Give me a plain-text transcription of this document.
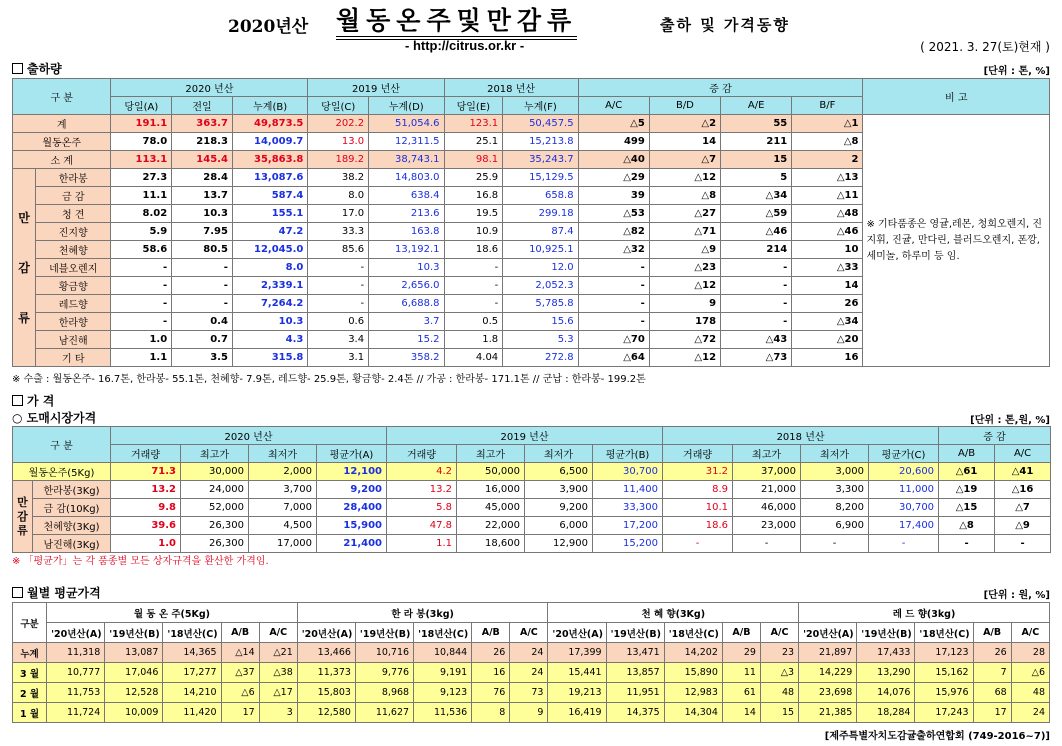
2020년산 월동온주및만감류	출하 및 가격동향
- http://citrus.or.kr -	( 2021. 3. 27(토)현재 )
출하량	[단위 : 톤, %]
구 분		2020 년산			2019 년산		2018 년산		증 감				비 고
		당일(A)	전일	누계(B)	당일(C)	누계(D)	당일(E)	누계(F)	A/C	B/D	A/E	B/F	
계		191.1	363.7	49,873.5	202.2	51,054.6	123.1	50,457.5	△5	△2	55	△1	※ 기타품종은 영귤,레몬, 청희오렌지, 진지휘, 진귤, 만다린, 블러드오렌지, 폰깡,세미놀, 하루미 등 임.
월동온주		78.0	218.3	14,009.7	13.0	12,311.5	25.1	15,213.8	499	14	211	△8	
소 계		113.1	145.4	35,863.8	189.2	38,743.1	98.1	35,243.7	△40	△7	15	2	

만
감
류	한라봉	27.3	28.4	13,087.6	38.2	14,803.0	25.9	15,129.5	△29	△12	5	△13	
	금 감	11.1	13.7	587.4	8.0	638.4	16.8	658.8	39	△8	△34	△11	
	청 견	8.02	10.3	155.1	17.0	213.6	19.5	299.18	△53	△27	△59	△48	
	진지향	5.9	7.95	47.2	33.3	163.8	10.9	87.4	△82	△71	△46	△46	
	천혜향	58.6	80.5	12,045.0	85.6	13,192.1	18.6	10,925.1	△32	△9	214	10	
	네블오렌지	-	-	8.0	-	10.3	-	12.0	-	△23	-	△33	
	황금향	-	-	2,339.1	-	2,656.0	-	2,052.3	-	△12	-	14	
	레드향	-	-	7,264.2	-	6,688.8	-	5,785.8	-	9	-	26	
	한라향	-	0.4	10.3	0.6	3.7	0.5	15.6	-	178	-	△34	
	남진해	1.0	0.7	4.3	3.4	15.2	1.8	5.3	△70	△72	△43	△20	
	기 타	1.1	3.5	315.8	3.1	358.2	4.04	272.8	△64	△12	△73	16	
※ 수출 : 월동온주- 16.7톤, 한라봉- 55.1톤, 천혜향- 7.9톤, 레드향- 25.9톤, 황금향- 2.4톤 // 가공 : 한라봉- 171.1톤 // 군납 : 한라봉- 199.2톤
가 격
○ 도매시장가격	[단위 : 톤,원, %]
구 분		2020 년산				2019 년산				2018 년산				증 감	
		거래량	최고가	최저가	평균가(A)	거래량	최고가	최저가	평균가(B)	거래량	최고가	최저가	평균가(C)	A/B	A/C
월동온주(5Kg)		71.3	30,000	2,000	12,100	4.2	50,000	6,500	30,700	31.2	37,000	3,000	20,600	△61	△41
만감류	한라봉(3Kg)	13.2	24,000	3,700	9,200	13.2	16,000	3,900	11,400	8.9	21,000	3,300	11,000	△19	△16
	금 감(10Kg)	9.8	52,000	7,000	28,400	5.8	45,000	9,200	33,300	10.1	46,000	8,200	30,700	△15	△7
	천혜향(3Kg)	39.6	26,300	4,500	15,900	47.8	22,000	6,000	17,200	18.6	23,000	6,900	17,400	△8	△9
	남진해(3Kg)	1.0	26,300	17,000	21,400	1.1	18,600	12,900	15,200	-	-	-	-	-	-
※ 「평균가」는 각 품종별 모든 상자규격을 환산한 가격임.
월별 평균가격	[단위 : 원, %]
구분	월 동 온 주(5Kg)					한 라 봉(3kg)					천 혜 향(3Kg)					레 드 향(3kg)				
	'20년산(A)	'19년산(B)	'18년산(C)	A/B	A/C	'20년산(A)	'19년산(B)	'18년산(C)	A/B	A/C	'20년산(A)	'19년산(B)	'18년산(C)	A/B	A/C	'20년산(A)	'19년산(B)	'18년산(C)	A/B	A/C
누계	11,318	13,087	14,365	△14	△21	13,466	10,716	10,844	26	24	17,399	13,471	14,202	29	23	21,897	17,433	17,123	26	28
3 월	10,777	17,046	17,277	△37	△38	11,373	9,776	9,191	16	24	15,441	13,857	15,890	11	△3	14,229	13,290	15,162	7	△6
2 월	11,753	12,528	14,210	△6	△17	15,803	8,968	9,123	76	73	19,213	11,951	12,983	61	48	23,698	14,076	15,976	68	48
1 월	11,724	10,009	11,420	17	3	12,580	11,627	11,536	8	9	16,419	14,375	14,304	14	15	21,385	18,284	17,243	17	24
[제주특별자치도감귤출하연합회 (749-2016~7)]
